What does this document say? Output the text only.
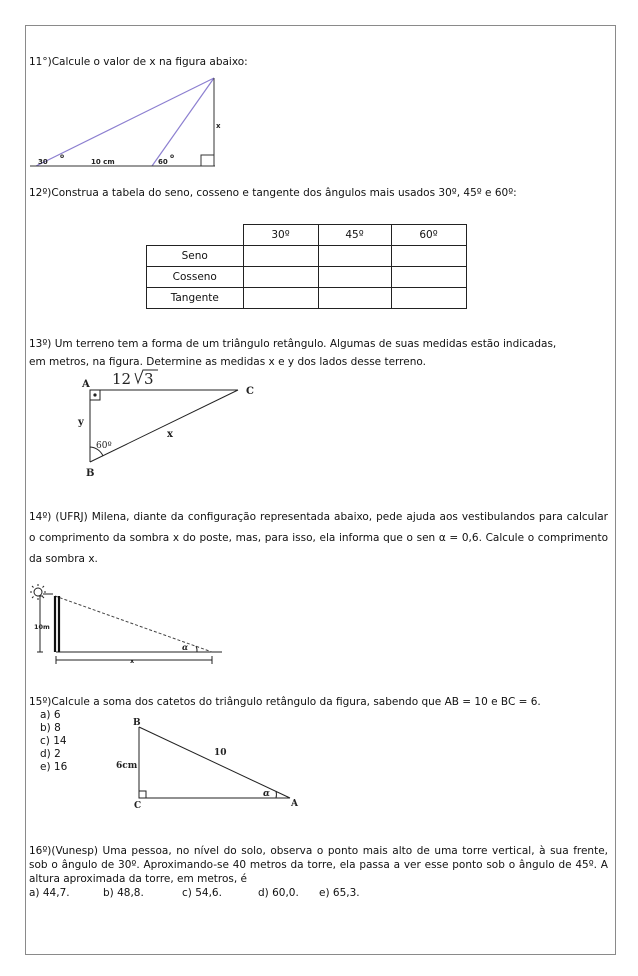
11°)Calcule o valor de x na figura abaixo:
30
o
10 cm	60
o
x
12º)Construa a tabela do seno, cosseno e tangente dos ângulos mais usados 30º, 45º e 60º:
	30º	45º	60º
Seno			
Cosseno			
Tangente			
13º) Um terreno tem a forma de um triângulo retângulo. Algumas de suas medidas estão indicadas,
em metros, na figura. Determine as medidas x e y dos lados desse terreno.
A 12 3
C
y
x
60º
B
14º) (UFRJ) Milena, diante da configuração representada abaixo, pede ajuda aos vestibulandos para calcular
o comprimento da sombra x do poste, mas, para isso, ela informa que o sen α = 0,6. Calcule o comprimento
da sombra x.
10m
x
α
15º)Calcule a soma dos catetos do triângulo retângulo da figura, sabendo que AB = 10 e BC = 6.
a) 6
b) 8
c) 14
d) 2
e) 16
B
10
6cm
C
α
A
16º)(Vunesp) Uma pessoa, no nível do solo, observa o ponto mais alto de uma torre vertical, à sua frente,
sob o ângulo de 30º. Aproximando-se 40 metros da torre, ela passa a ver esse ponto sob o ângulo de 45º. A
altura aproximada da torre, em metros, é
a) 44,7.	b) 48,8.	c) 54,6.	d) 60,0. e) 65,3.
